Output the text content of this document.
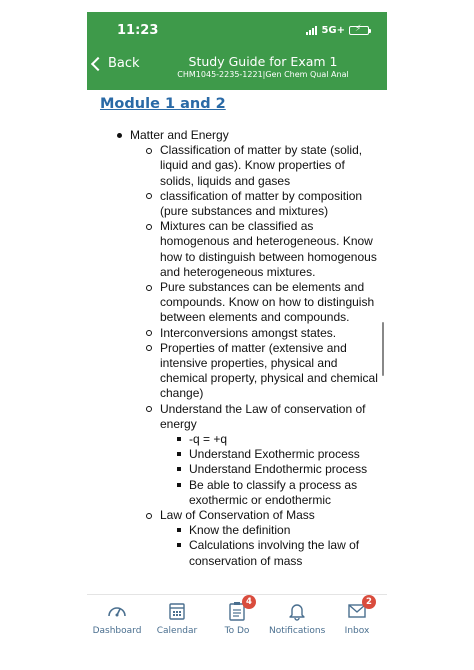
11:23	5G+ ⚡
Back	Study Guide for Exam 1
CHM1045-2235-1221|Gen Chem Qual Anal
Module 1 and 2
Matter and Energy
Classification of matter by state (solid, liquid and gas). Know properties of solids, liquids and gases
classification of matter by composition (pure substances and mixtures)
Mixtures can be classified as homogenous and heterogeneous. Know how to distinguish between homogenous and heterogeneous mixtures.
Pure substances can be elements and compounds. Know on how to distinguish between elements and compounds.
Interconversions amongst states.
Properties of matter (extensive and intensive properties, physical and chemical property, physical and chemical change)
Understand the Law of conservation of energy
-q = +q
Understand Exothermic process
Understand Endothermic process
Be able to classify a process as exothermic or endothermic
Law of Conservation of Mass
Know the definition
Calculations involving the law of conservation of mass
Dashboard	Calendar
4
To Do	Notifications
2
Inbox
